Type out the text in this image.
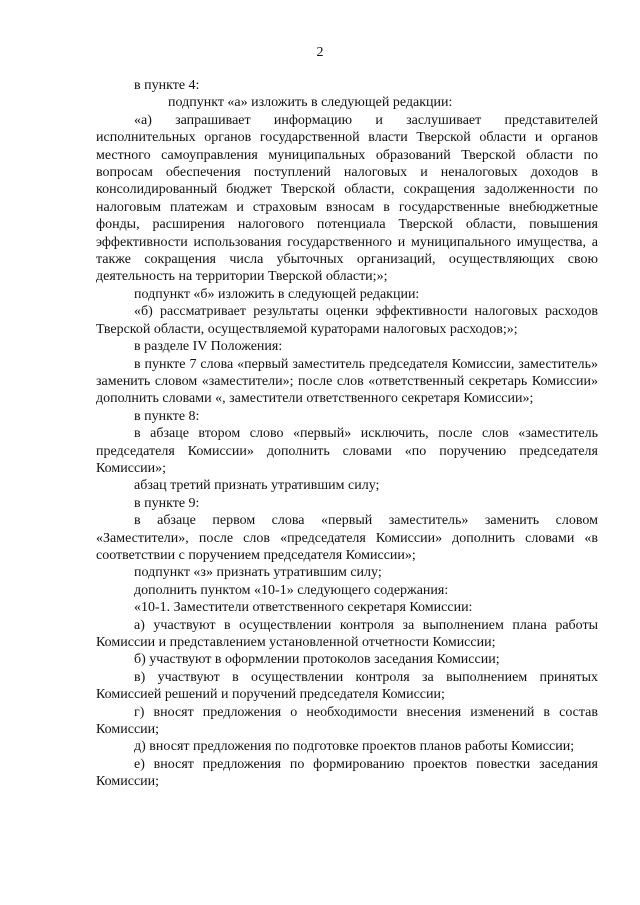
2

в пункте 4:

подпункт «а» изложить в следующей редакции:

«а) запрашивает информацию и заслушивает представителей исполнительных органов государственной власти Тверской области и органов местного самоуправления муниципальных образований Тверской области по вопросам обеспечения поступлений налоговых и неналоговых доходов в консолидированный бюджет Тверской области, сокращения задолженности по налоговым платежам и страховым взносам в государственные внебюджетные фонды, расширения налогового потенциала Тверской области, повышения эффективности использования государственного и муниципального имущества, а также сокращения числа убыточных организаций, осуществляющих свою деятельность на территории Тверской области;»;

подпункт «б» изложить в следующей редакции:

«б) рассматривает результаты оценки эффективности налоговых расходов Тверской области, осуществляемой кураторами налоговых расходов;»;

в разделе IV Положения:

в пункте 7 слова «первый заместитель председателя Комиссии, заместитель» заменить словом «заместители»; после слов «ответственный секретарь Комиссии» дополнить словами «, заместители ответственного секретаря Комиссии»;

в пункте 8:

в абзаце втором слово «первый» исключить, после слов «заместитель председателя Комиссии» дополнить словами «по поручению председателя Комиссии»;

абзац третий признать утратившим силу;

в пункте 9:

в абзаце первом слова «первый заместитель» заменить словом «Заместители», после слов «председателя Комиссии» дополнить словами «в соответствии с поручением председателя Комиссии»;

подпункт «з» признать утратившим силу;

дополнить пунктом «10-1» следующего содержания:

«10-1. Заместители ответственного секретаря Комиссии:

а) участвуют в осуществлении контроля за выполнением плана работы Комиссии и представлением установленной отчетности Комиссии;

б) участвуют в оформлении протоколов заседания Комиссии;

в) участвуют в осуществлении контроля за выполнением принятых Комиссией решений и поручений председателя Комиссии;

г) вносят предложения о необходимости внесения изменений в состав Комиссии;

д) вносят предложения по подготовке проектов планов работы Комиссии;

е) вносят предложения по формированию проектов повестки заседания Комиссии;
